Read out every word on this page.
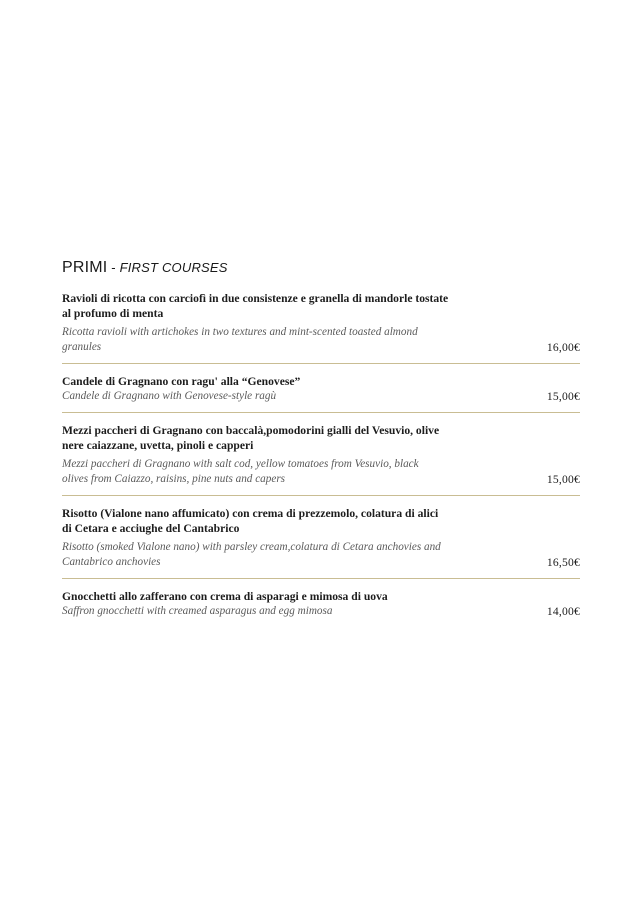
PRIMI - FIRST COURSES
Ravioli di ricotta con carciofì in due consistenze e granella di mandorle tostate al profumo di menta
Ricotta ravioli with artichokes in two textures and mint-scented toasted almond granules	16,00€
Candele di Gragnano con ragu' alla “Genovese”
Candele di Gragnano with Genovese-style ragù	15,00€
Mezzi paccheri di Gragnano con baccalà,pomodorini gialli del Vesuvio, olive nere caiazzane, uvetta, pinoli e capperi
Mezzi paccheri di Gragnano with salt cod, yellow tomatoes from Vesuvio, black olives from Caiazzo, raisins, pine nuts and capers	15,00€
Risotto (Vialone nano affumicato) con crema di prezzemolo, colatura di alici di Cetara e acciughe del Cantabrico
Risotto (smoked Vialone nano) with parsley cream,colatura di Cetara anchovies and Cantabrico anchovies	16,50€
Gnocchetti allo zafferano con crema di asparagi e mimosa di uova
Saffron gnocchetti with creamed asparagus and egg mimosa	14,00€
